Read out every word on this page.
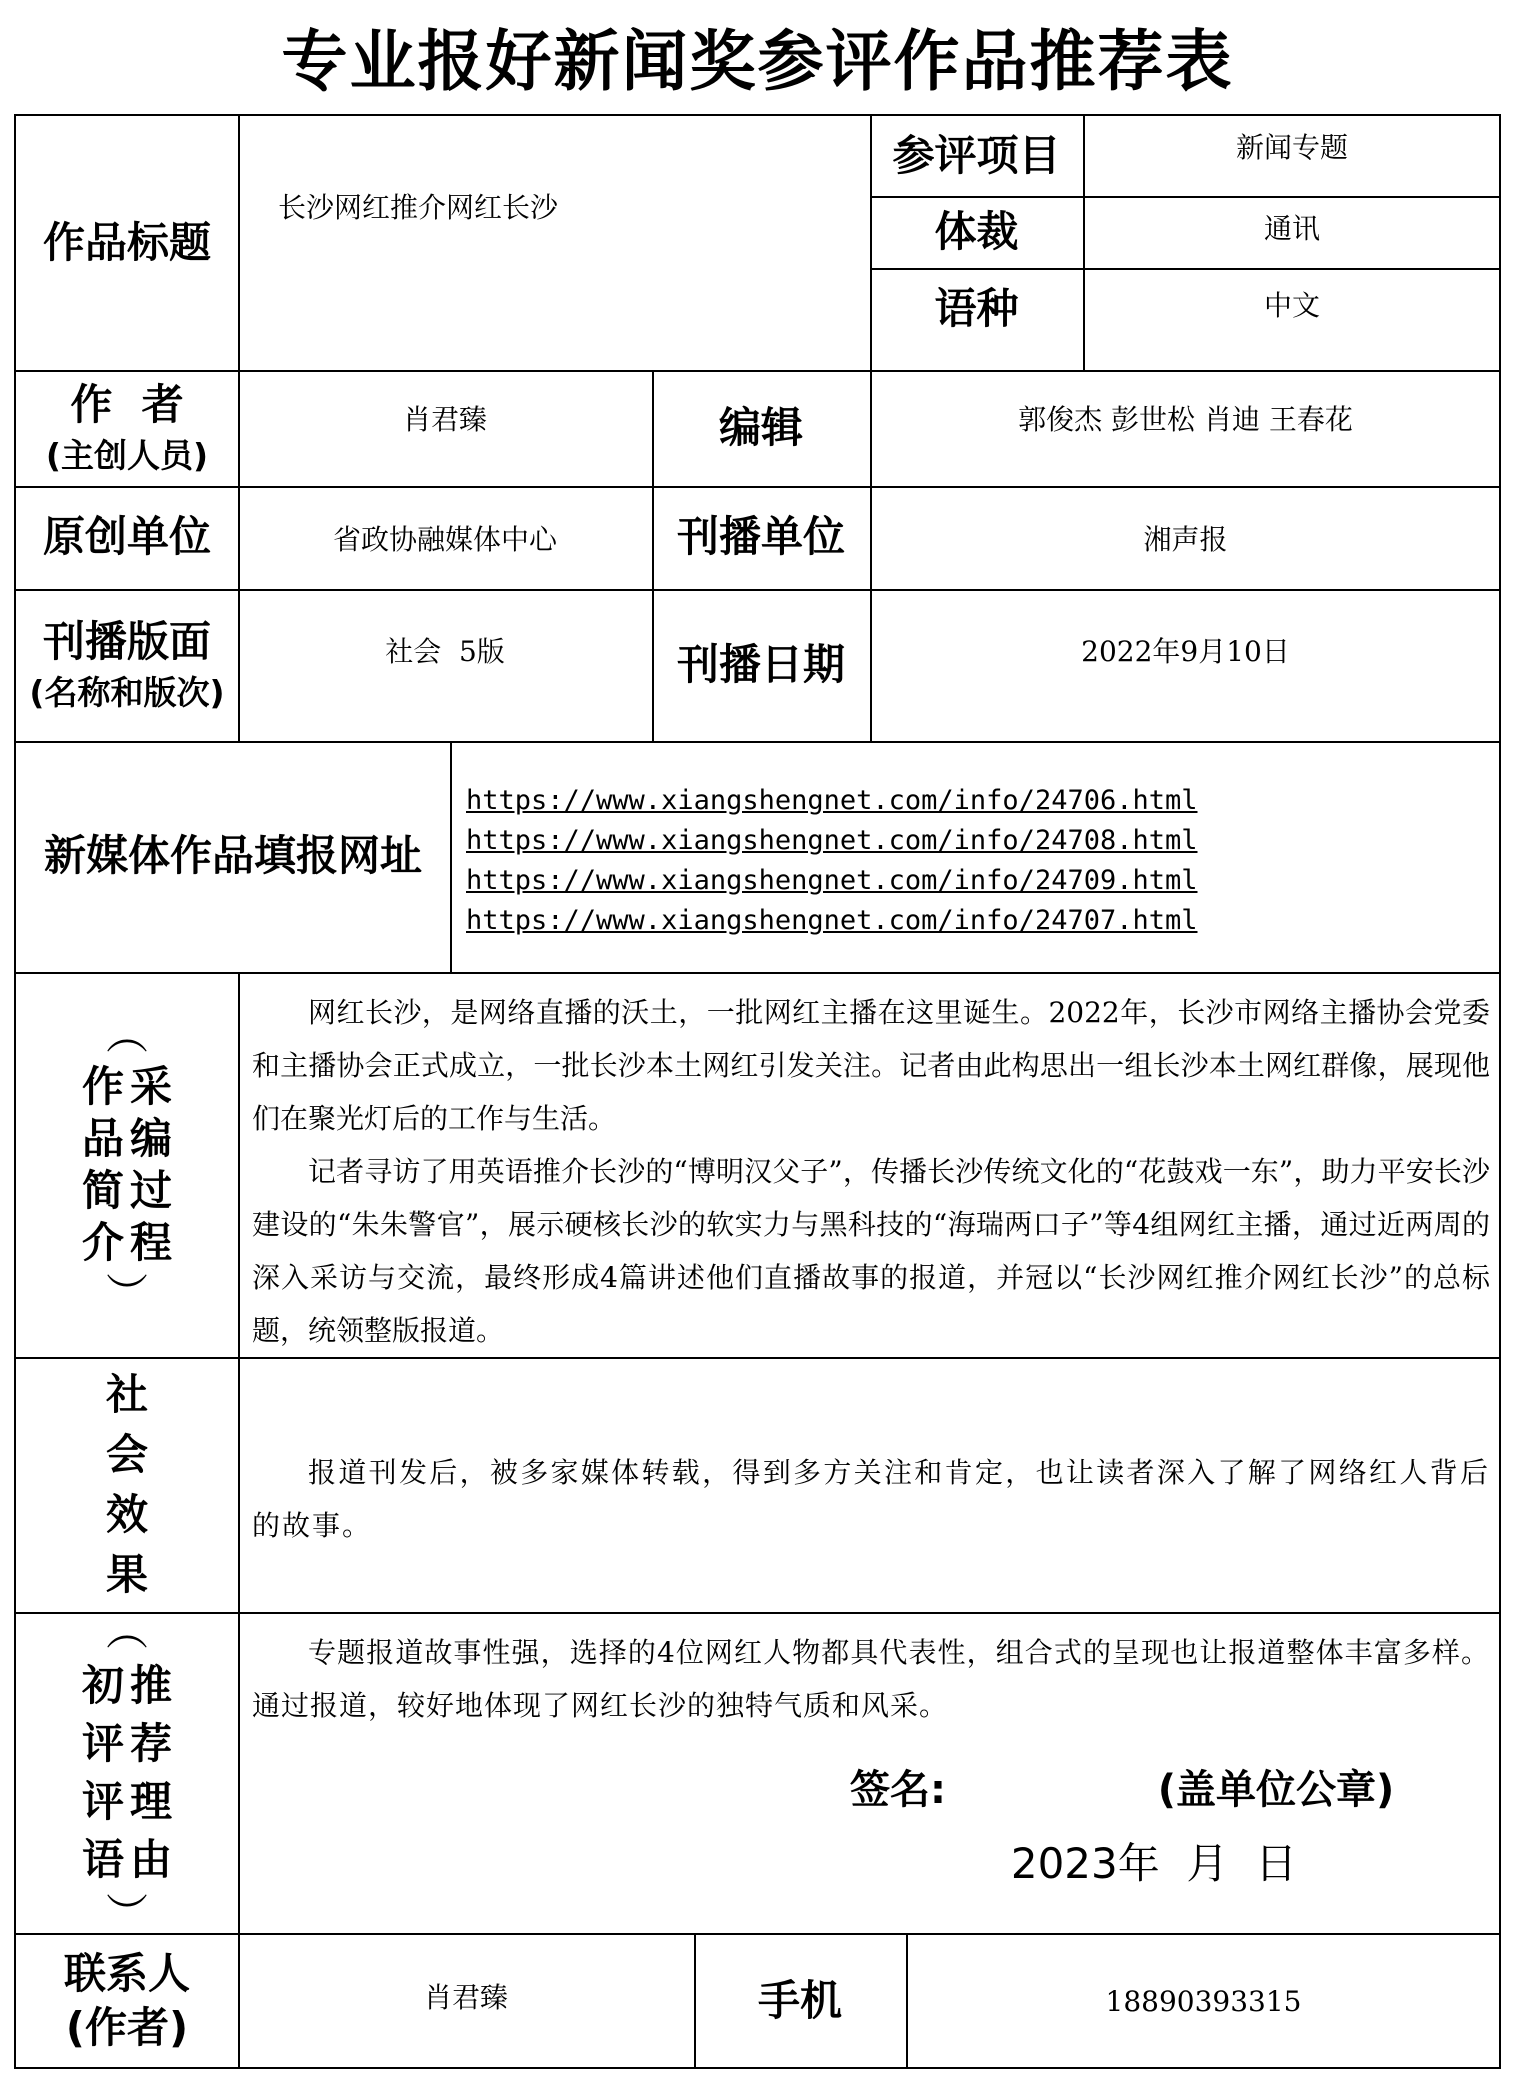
专业报好新闻奖参评作品推荐表
作品标题
长沙网红推介网红长沙
参评项目	新闻专题
体裁	通讯
语种	中文
作  者
(主创人员)
肖君臻	编辑	郭俊杰 彭世松 肖迪 王春花
原创单位	省政协融媒体中心	刊播单位	湘声报
刊播版面
(名称和版次)
社会  5版	刊播日期	2022年9月10日
新媒体作品填报网址
https://www.xiangshengnet.com/info/24706.html
https://www.xiangshengnet.com/info/24708.html
https://www.xiangshengnet.com/info/24709.html
https://www.xiangshengnet.com/info/24707.html
︵
作品简介
采编过程
︶
网红长沙，是网络直播的沃土，一批网红主播在这里诞生。2022年，长沙市网络主播协会党委和主播协会正式成立，一批长沙本土网红引发关注。记者由此构思出一组长沙本土网红群像，展现他们在聚光灯后的工作与生活。
记者寻访了用英语推介长沙的“博明汉父子”，传播长沙传统文化的“花鼓戏一东”，助力平安长沙建设的“朱朱警官”，展示硬核长沙的软实力与黑科技的“海瑞两口子”等4组网红主播，通过近两周的深入采访与交流，最终形成4篇讲述他们直播故事的报道，并冠以“长沙网红推介网红长沙”的总标题，统领整版报道。
社会效果
报道刊发后，被多家媒体转载，得到多方关注和肯定，也让读者深入了解了网络红人背后的故事。
︵
初评评语
推荐理由
︶
专题报道故事性强，选择的4位网红人物都具代表性，组合式的呈现也让报道整体丰富多样。通过报道，较好地体现了网红长沙的独特气质和风采。
签名:	(盖单位公章)
2023年  月  日
联系人
(作者)
肖君臻	手机	18890393315
